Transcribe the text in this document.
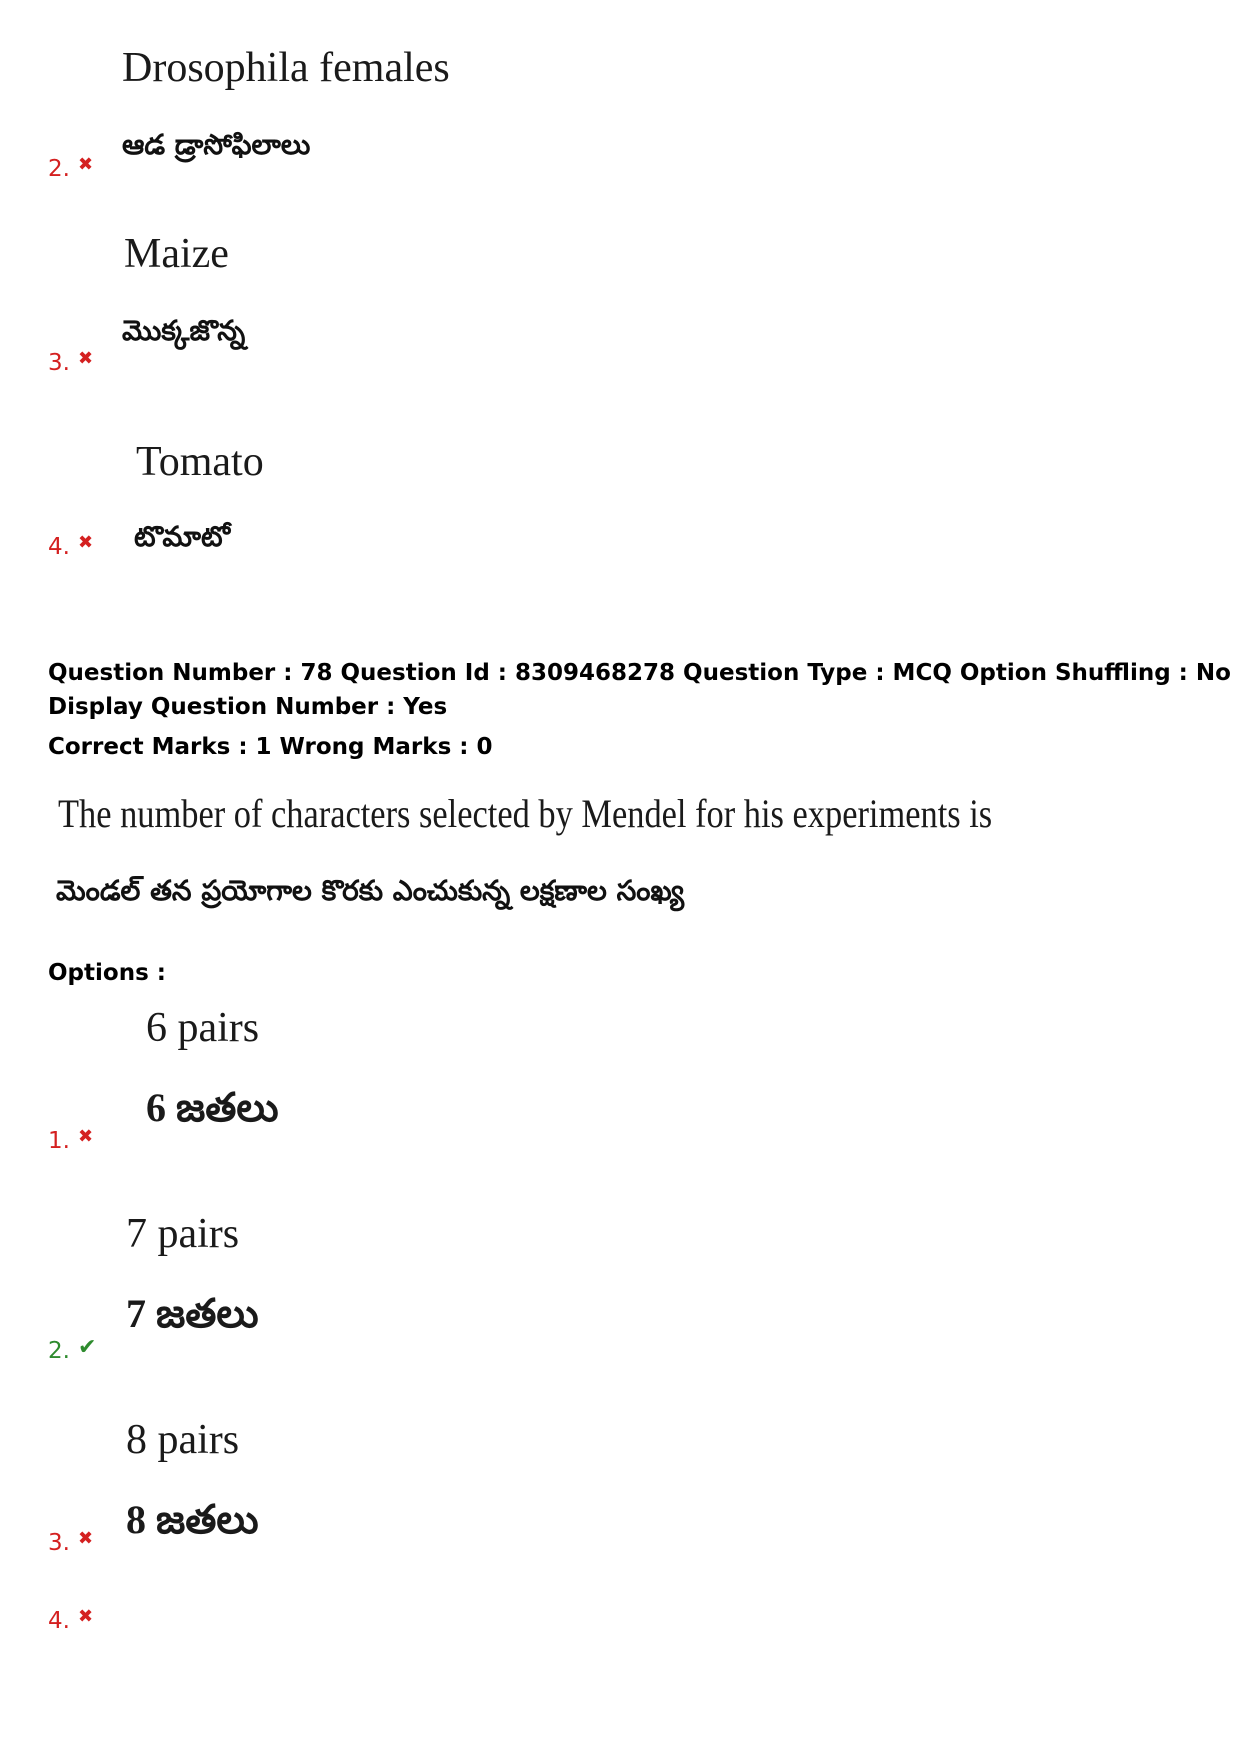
Drosophila females
ఆడ డ్రాసోఫిలాలు
2. ✖
Maize
మొక్కజొన్న
3. ✖
Tomato
టొమాటో
4. ✖
Question Number : 78 Question Id : 8309468278 Question Type : MCQ Option Shuffling : No
Display Question Number : Yes
Correct Marks : 1 Wrong Marks : 0
The number of characters selected by Mendel for his experiments is
మెండల్ తన ప్రయోగాల కొరకు ఎంచుకున్న లక్షణాల సంఖ్య
Options :
6 pairs
6 జతలు
1. ✖
7 pairs
7 జతలు
2. ✔
8 pairs
8 జతలు
3. ✖
4. ✖
